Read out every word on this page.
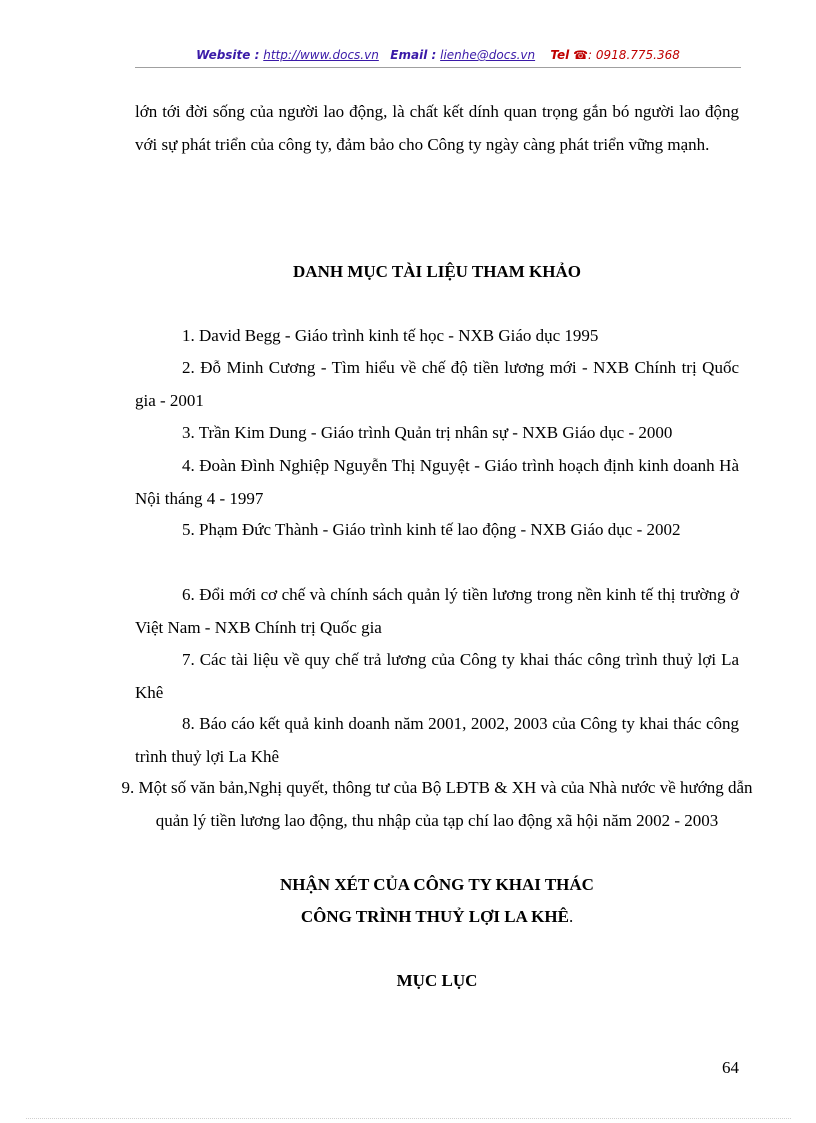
Website : http://www.docs.vn Email : lienhe@docs.vn Tel ☎: 0918.775.368

lớn tới đời sống của người lao động, là chất kết dính quan trọng gắn bó người lao động với sự phát triển của công ty, đảm bảo cho Công ty ngày càng phát triển vững mạnh.

DANH MỤC TÀI LIỆU THAM KHẢO

1. David Begg - Giáo trình kinh tế học - NXB Giáo dục 1995

2. Đỗ Minh Cương - Tìm hiểu về chế độ tiền lương mới - NXB Chính trị Quốc gia - 2001

3. Trần Kim Dung - Giáo trình Quản trị nhân sự - NXB Giáo dục - 2000

4. Đoàn Đình Nghiệp Nguyễn Thị Nguyệt - Giáo trình hoạch định kinh doanh Hà Nội tháng 4 - 1997

5. Phạm Đức Thành - Giáo trình kinh tế lao động - NXB Giáo dục - 2002

6. Đổi mới cơ chế và chính sách quản lý tiền lương trong nền kinh tế thị trường ở Việt Nam - NXB Chính trị Quốc gia

7. Các tài liệu về quy chế trả lương của Công ty khai thác công trình thuỷ lợi La Khê

8. Báo cáo kết quả kinh doanh năm 2001, 2002, 2003 của Công ty khai thác công trình thuỷ lợi La Khê

9. Một số văn bản,Nghị quyết, thông tư của Bộ LĐTB & XH và của Nhà nước về hướng dẫn quản lý tiền lương lao động, thu nhập của tạp chí lao động xã hội năm 2002 - 2003

NHẬN XÉT CỦA CÔNG TY KHAI THÁC

CÔNG TRÌNH THUỶ LỢI LA KHÊ.

MỤC LỤC

64
